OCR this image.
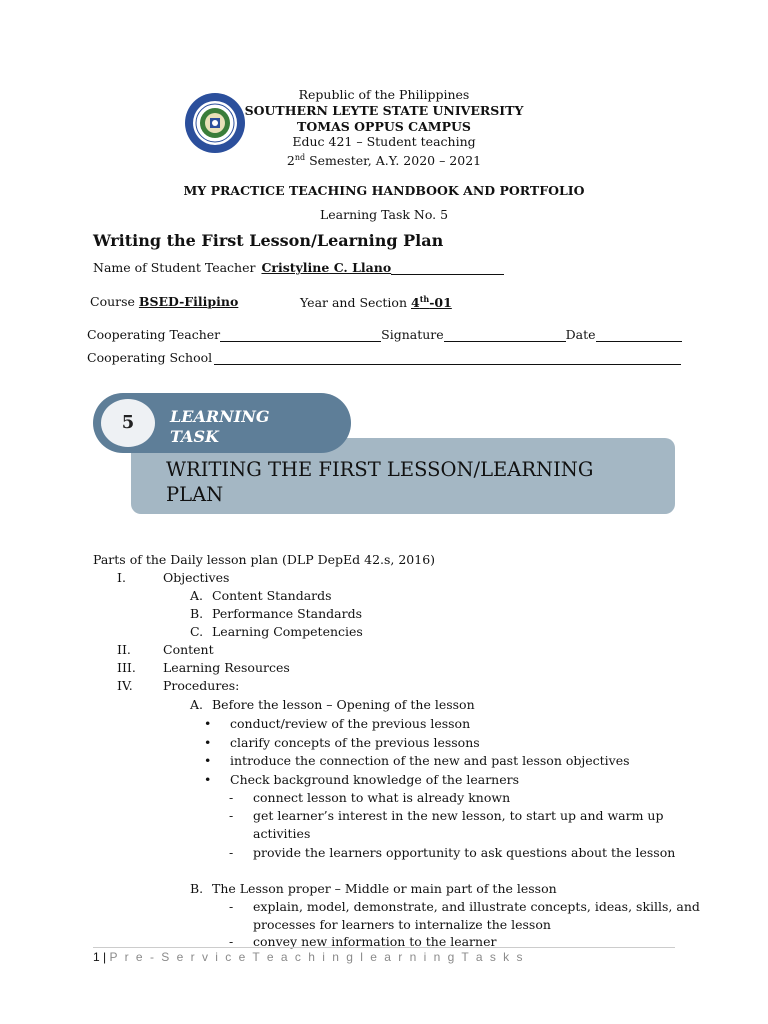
Republic of the Philippines
SOUTHERN LEYTE STATE UNIVERSITY
TOMAS OPPUS CAMPUS
Educ 421 – Student teaching
2nd Semester, A.Y. 2020 – 2021
MY PRACTICE TEACHING HANDBOOK AND PORTFOLIO
Learning Task No. 5
Writing the First Lesson/Learning Plan
Name of Student Teacher Cristyline C. Llano
Course BSED-Filipino	Year and Section 4th-01
Cooperating Teacher	Signature	Date
Cooperating School
WRITING THE FIRST LESSON/LEARNING PLAN
5	LEARNING TASK
Parts of the Daily lesson plan (DLP DepEd 42.s, 2016)
I.	Objectives
A. Content Standards
B. Performance Standards
C. Learning Competencies
II.	Content
III. Learning Resources
IV. Procedures:
A. Before the lesson – Opening of the lesson
• conduct/review of the previous lesson
• clarify concepts of the previous lessons
• introduce the connection of the new and past lesson objectives
• Check background knowledge of the learners
- connect lesson to what is already known
- get learner’s interest in the new lesson, to start up and warm up
activities
- provide the learners opportunity to ask questions about the lesson
B. The Lesson proper – Middle or main part of the lesson
- explain, model, demonstrate, and illustrate concepts, ideas, skills, and
processes for learners to internalize the lesson
- convey new information to the learner
1 | P r e - S e r v i c e T e a c h i n g l e a r n i n g T a s k s
